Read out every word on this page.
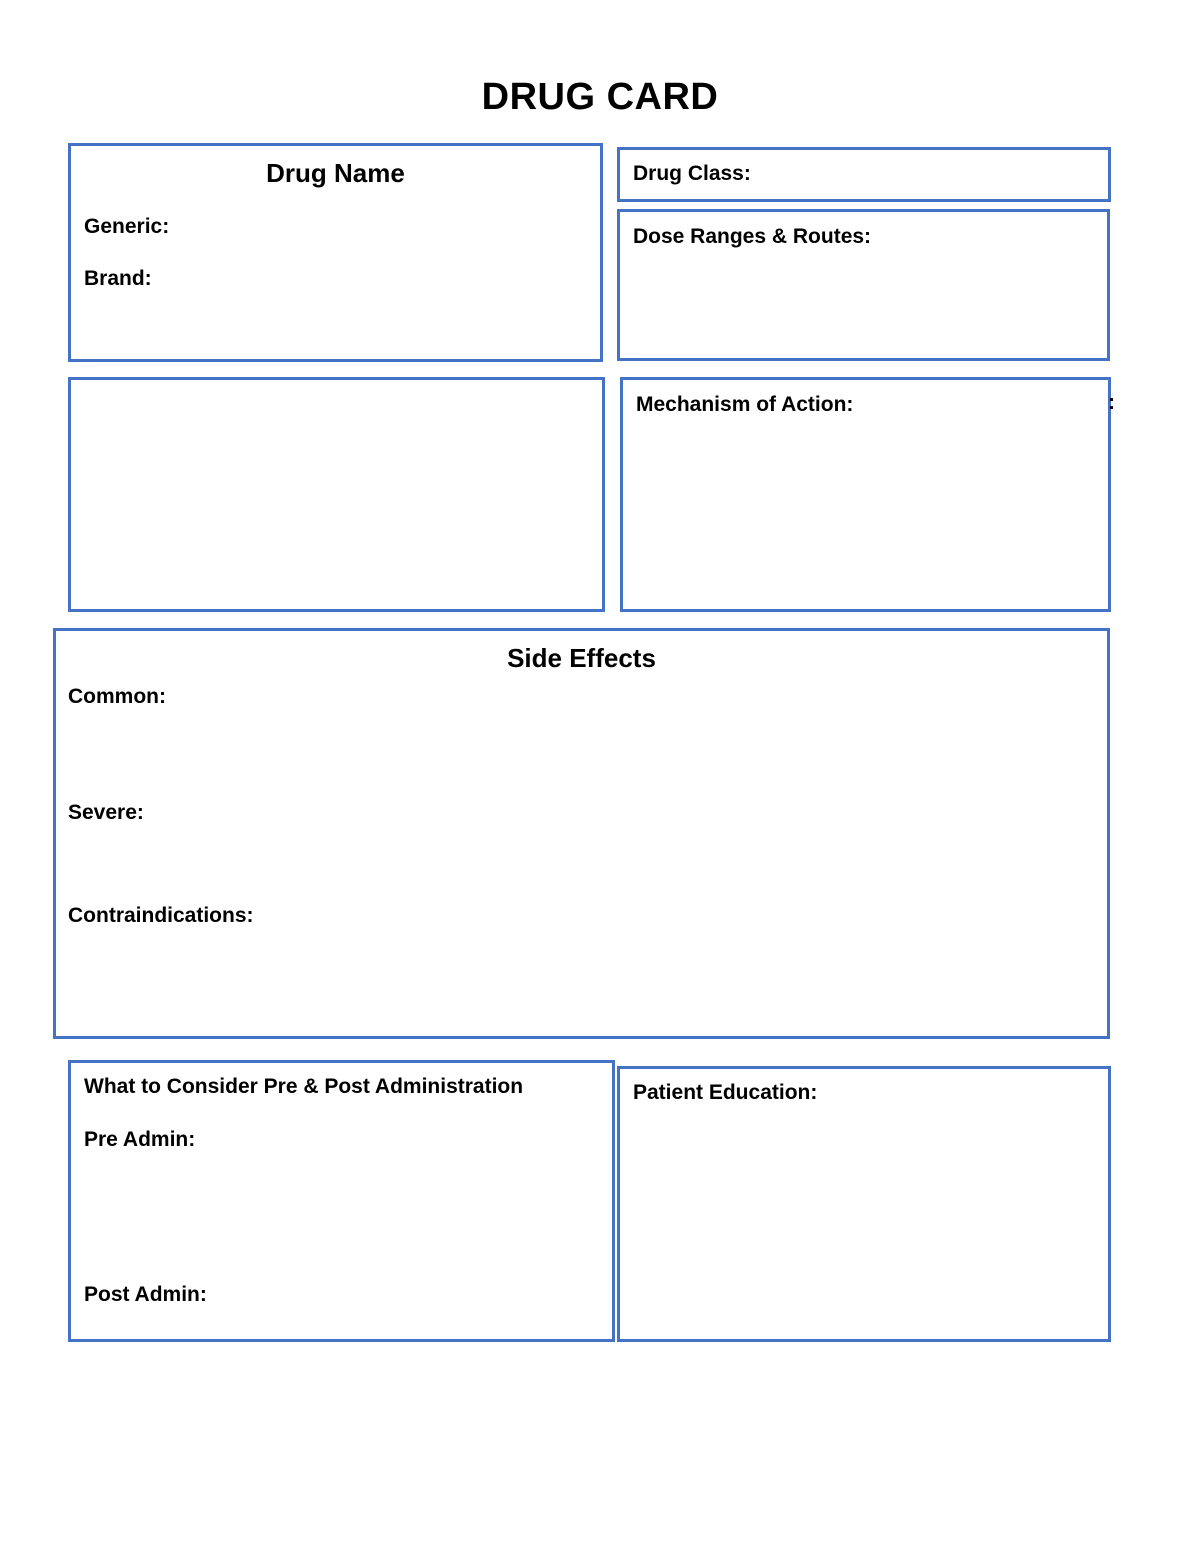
DRUG CARD
Drug Name
Generic:
Brand:
Drug Class:
Dose Ranges & Routes:
Mechanism of Action:	:
Side Effects
Common:
Severe:
Contraindications:
What to Consider Pre & Post Administration
Pre Admin:
Post Admin:
Patient Education:
